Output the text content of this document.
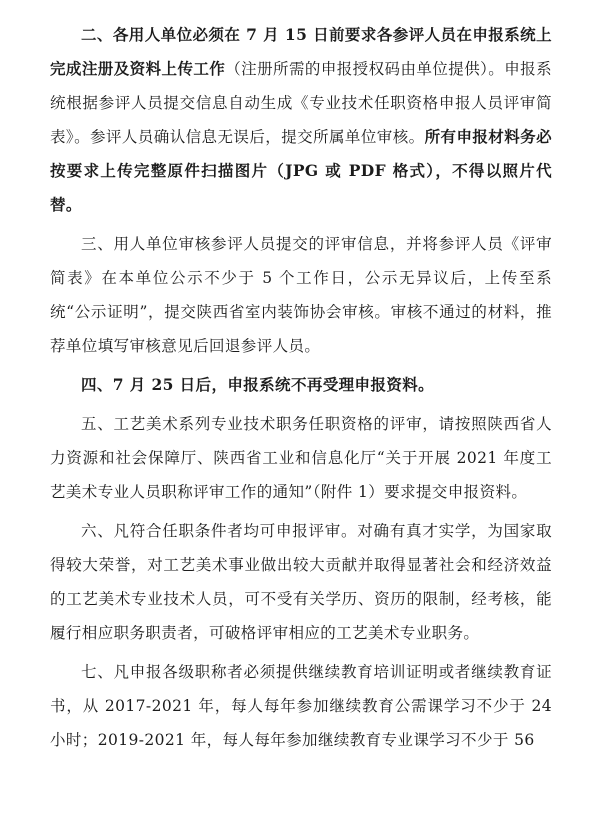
二、各用人单位必须在 7 月 15 日前要求各参评人员在申报系统上完成注册及资料上传工作（注册所需的申报授权码由单位提供）。申报系统根据参评人员提交信息自动生成《专业技术任职资格申报人员评审简表》。参评人员确认信息无误后，提交所属单位审核。所有申报材料务必按要求上传完整原件扫描图片（JPG 或 PDF 格式），不得以照片代替。

三、用人单位审核参评人员提交的评审信息，并将参评人员《评审简表》在本单位公示不少于 5 个工作日，公示无异议后，上传至系统“公示证明”，提交陕西省室内装饰协会审核。审核不通过的材料，推荐单位填写审核意见后回退参评人员。

四、7 月 25 日后，申报系统不再受理申报资料。

五、工艺美术系列专业技术职务任职资格的评审，请按照陕西省人力资源和社会保障厅、陕西省工业和信息化厅“关于开展 2021 年度工艺美术专业人员职称评审工作的通知”（附件 1）要求提交申报资料。

六、凡符合任职条件者均可申报评审。对确有真才实学，为国家取得较大荣誉，对工艺美术事业做出较大贡献并取得显著社会和经济效益的工艺美术专业技术人员，可不受有关学历、资历的限制，经考核，能履行相应职务职责者，可破格评审相应的工艺美术专业职务。

七、凡申报各级职称者必须提供继续教育培训证明或者继续教育证书，从 2017-2021 年，每人每年参加继续教育公需课学习不少于 24 小时；2019-2021 年，每人每年参加继续教育专业课学习不少于 56
